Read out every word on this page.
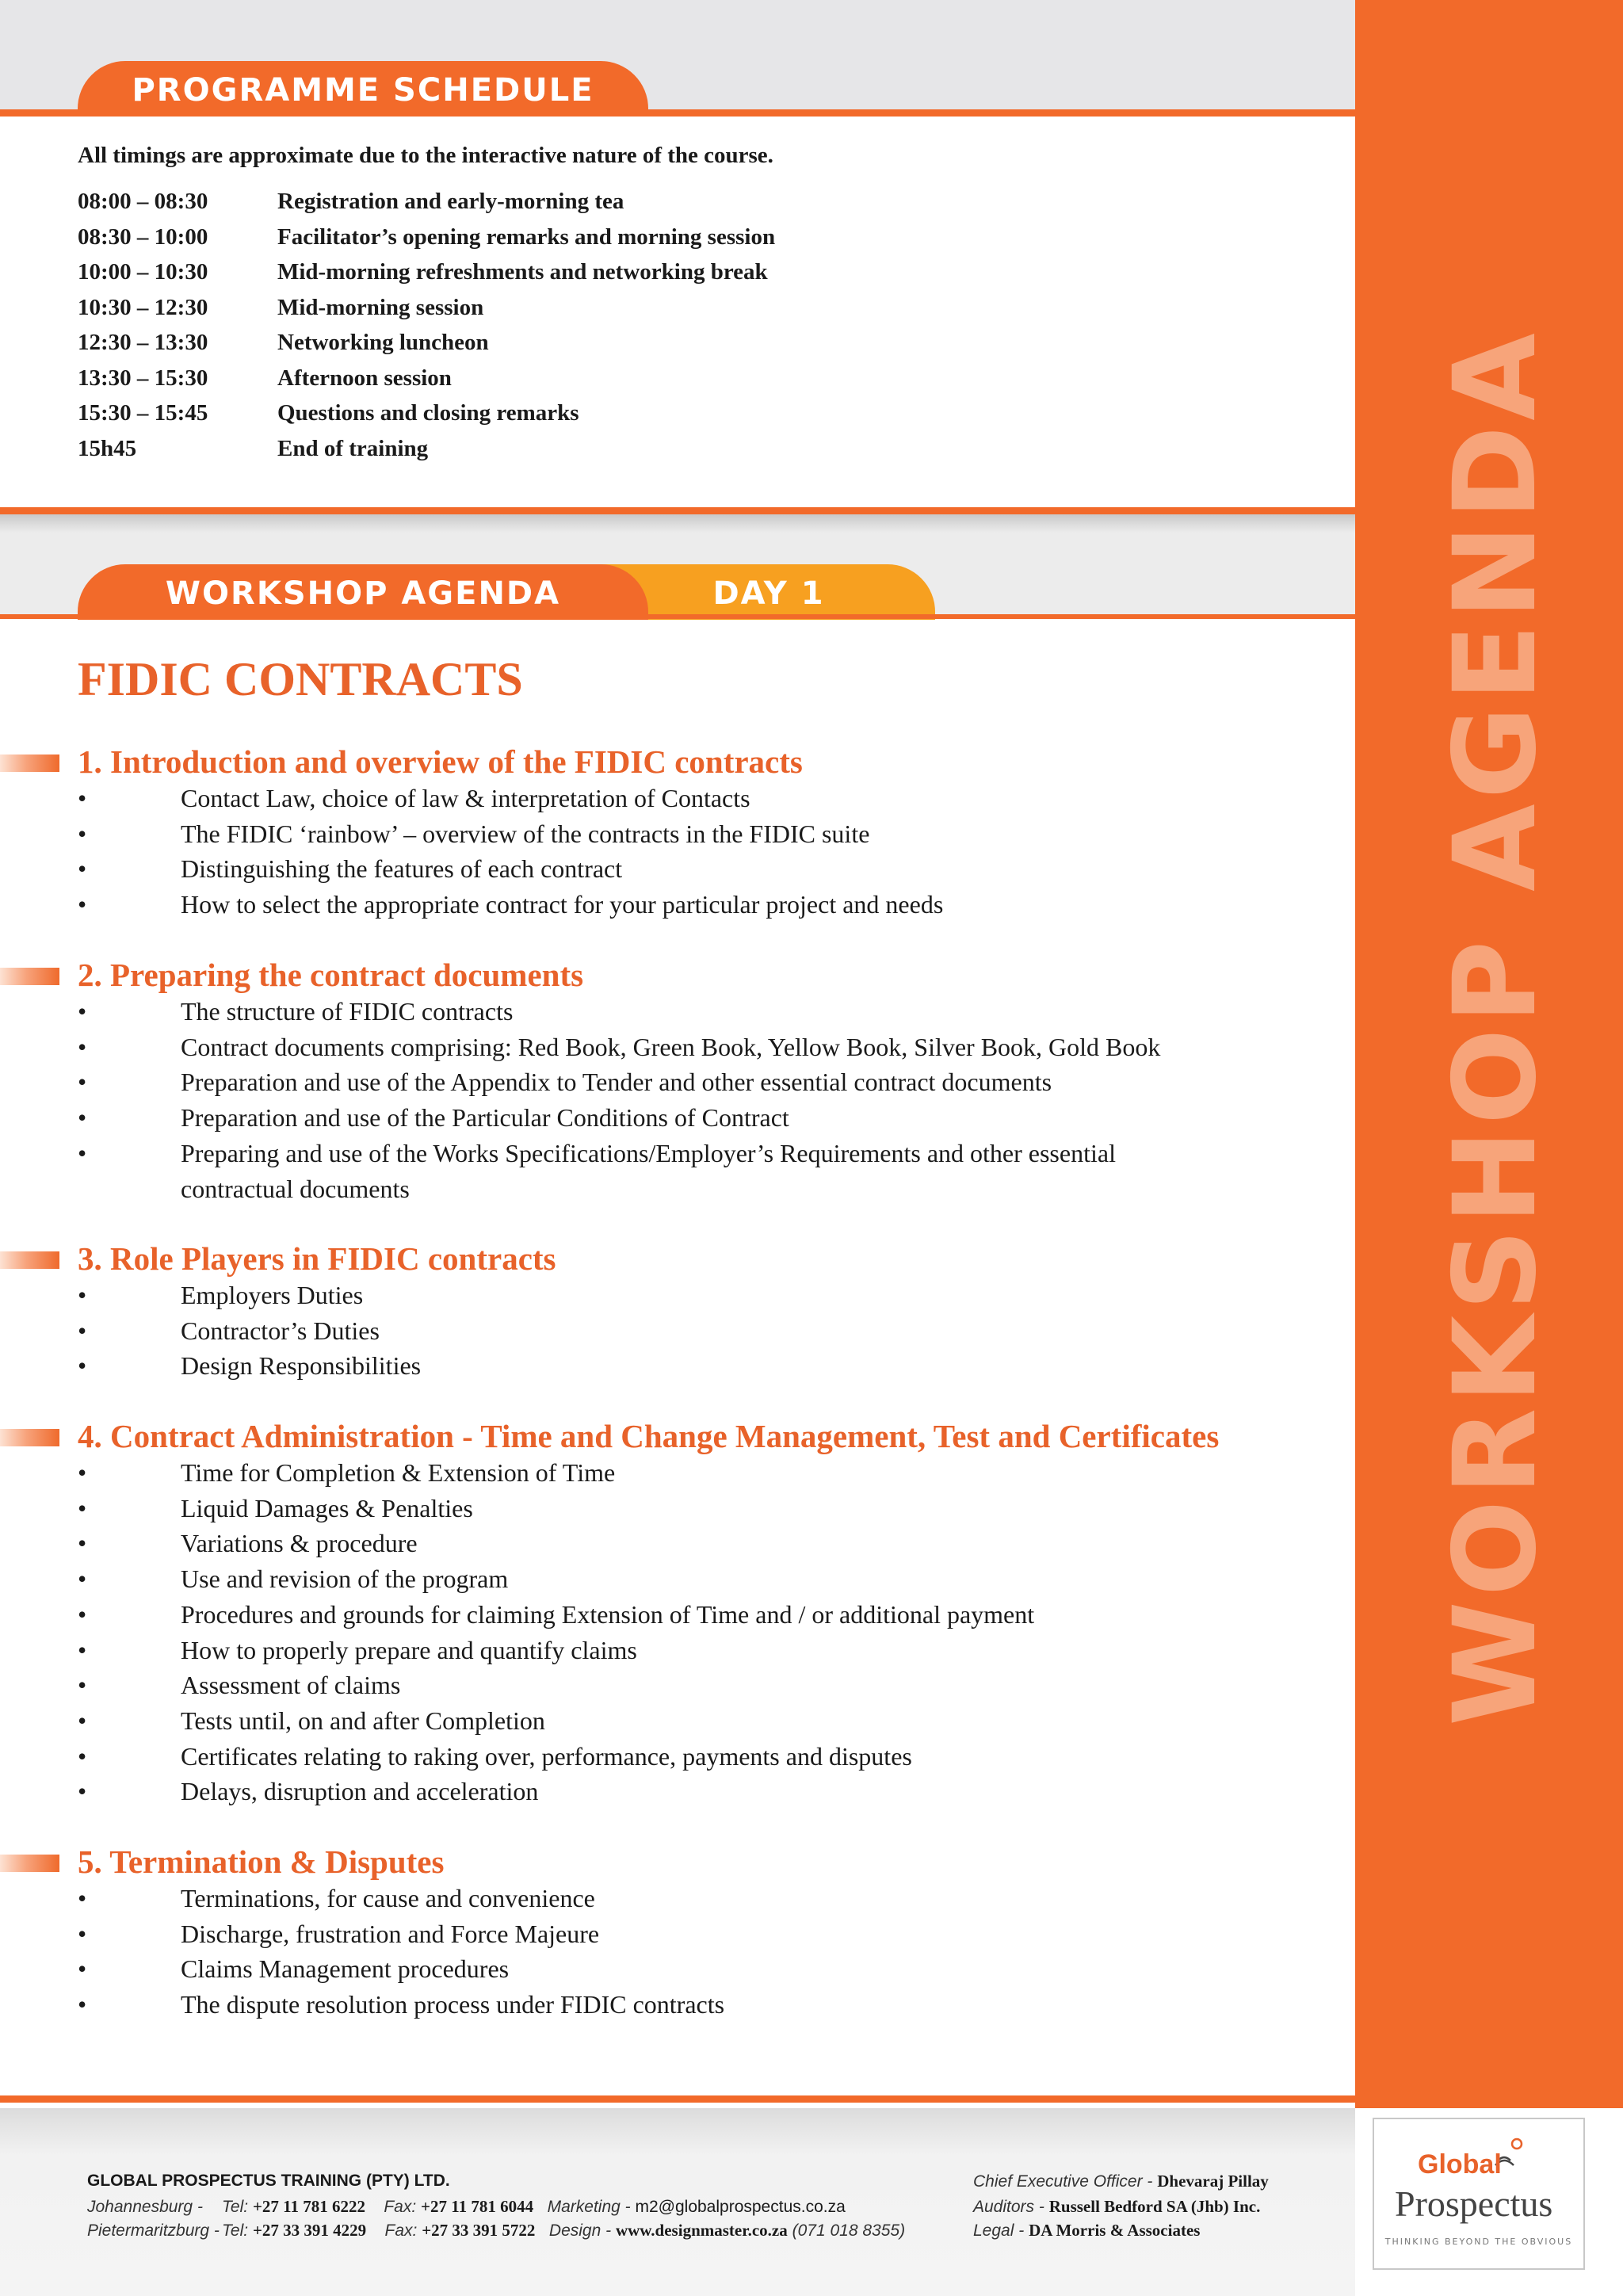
PROGRAMME SCHEDULE
All timings are approximate due to the interactive nature of the course.
08:00 – 08:30	Registration and early-morning tea
08:30 – 10:00	Facilitator’s opening remarks and morning session
10:00 – 10:30	Mid-morning refreshments and networking break
10:30 – 12:30	Mid-morning session
12:30 – 13:30	Networking luncheon
13:30 – 15:30	Afternoon session
15:30 – 15:45	Questions and closing remarks
15h45	End of training
DAY 1
WORKSHOP AGENDA
FIDIC CONTRACTS
1. Introduction and overview of the FIDIC contracts
•	Contact Law, choice of law & interpretation of Contacts
•	The FIDIC ‘rainbow’ – overview of the contracts in the FIDIC suite
•	Distinguishing the features of each contract
•	How to select the appropriate contract for your particular project and needs
2. Preparing the contract documents
•	The structure of FIDIC contracts
•	Contract documents comprising: Red Book, Green Book, Yellow Book, Silver Book, Gold Book
•	Preparation and use of the Appendix to Tender and other essential contract documents
•	Preparation and use of the Particular Conditions of Contract
•	Preparing and use of the Works Specifications/Employer’s Requirements and other essential
contractual documents
3. Role Players in FIDIC contracts
•	Employers Duties
•	Contractor’s Duties
•	Design Responsibilities
4. Contract Administration - Time and Change Management, Test and Certificates
•	Time for Completion & Extension of Time
•	Liquid Damages & Penalties
•	Variations & procedure
•	Use and revision of the program
•	Procedures and grounds for claiming Extension of Time and / or additional payment
•	How to properly prepare and quantify claims
•	Assessment of claims
•	Tests until, on and after Completion
•	Certificates relating to raking over, performance, payments and disputes
•	Delays, disruption and acceleration
5. Termination & Disputes
•	Terminations, for cause and convenience
•	Discharge, frustration and Force Majeure
•	Claims Management procedures
•	The dispute resolution process under FIDIC contracts
WORKSHOP AGENDA
GLOBAL PROSPECTUS TRAINING (PTY) LTD.
Johannesburg - Tel: +27 11 781 6222 Fax: +27 11 781 6044 Marketing - m2@globalprospectus.co.za
Pietermaritzburg - Tel: +27 33 391 4229 Fax: +27 33 391 5722 Design - www.designmaster.co.za (071 018 8355)
Chief Executive Officer - Dhevaraj Pillay
Auditors - Russell Bedford SA (Jhb) Inc.
Legal - DA Morris & Associates
Global
Prospectus
THINKING BEYOND THE OBVIOUS
